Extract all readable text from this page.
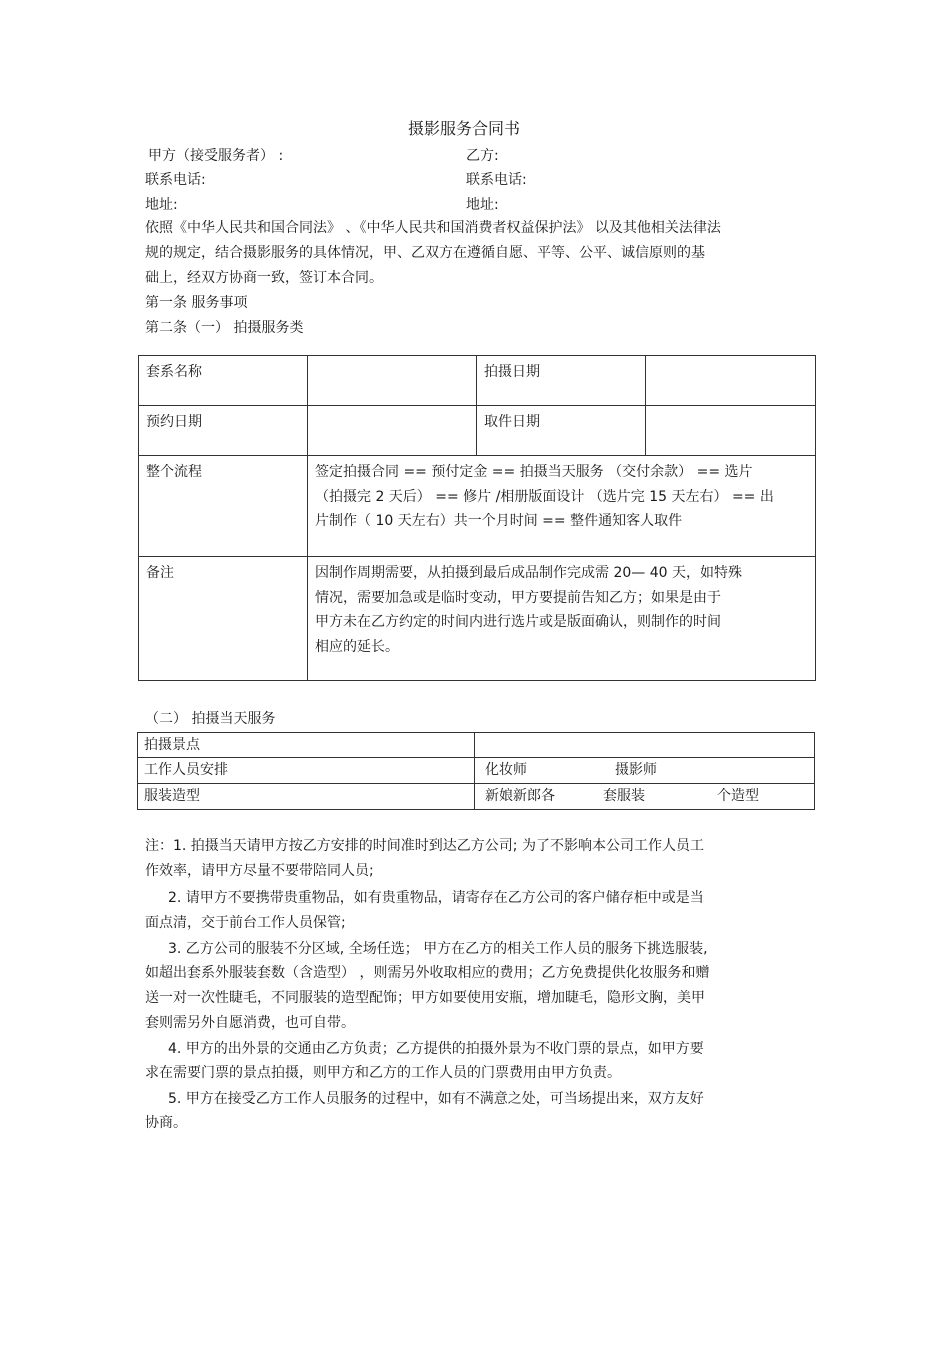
摄影服务合同书
甲方（接受服务者） :	乙方:
联系电话:	联系电话:
地址:	地址:
依照《中华人民共和国合同法》 、《中华人民共和国消费者权益保护法》 以及其他相关法律法
规的规定，结合摄影服务的具体情况，甲、乙双方在遵循自愿、平等、公平、诚信原则的基
础上，经双方协商一致，签订本合同。
第一条 服务事项
第二条（一） 拍摄服务类
套系名称		拍摄日期	

预约日期		取件日期	

整个流程	签定拍摄合同 == 预付定金 == 拍摄当天服务 （交付余款） == 选片
（拍摄完 2 天后） == 修片 /相册版面设计 （选片完 15 天左右） == 出
片制作（ 10 天左右）共一个月时间 == 整件通知客人取件		

备注	因制作周期需要，从拍摄到最后成品制作完成需 20— 40 天，如特殊
情况，需要加急或是临时变动，甲方要提前告知乙方；如果是由于
甲方未在乙方约定的时间内进行选片或是版面确认，则制作的时间
相应的延长。		
（二） 拍摄当天服务
拍摄景点	

工作人员安排	化妆师 摄影师

服装造型	新娘新郎各 套服装 个造型
注：1. 拍摄当天请甲方按乙方安排的时间准时到达乙方公司; 为了不影响本公司工作人员工
作效率，请甲方尽量不要带陪同人员;
2. 请甲方不要携带贵重物品，如有贵重物品，请寄存在乙方公司的客户储存柜中或是当
面点清，交于前台工作人员保管;
3. 乙方公司的服装不分区域, 全场任选； 甲方在乙方的相关工作人员的服务下挑选服装,
如超出套系外服装套数（含造型） ，则需另外收取相应的费用；乙方免费提供化妆服务和赠
送一对一次性睫毛，不同服装的造型配饰；甲方如要使用安瓶，增加睫毛，隐形文胸，美甲
套则需另外自愿消费，也可自带。
4. 甲方的出外景的交通由乙方负责；乙方提供的拍摄外景为不收门票的景点，如甲方要
求在需要门票的景点拍摄，则甲方和乙方的工作人员的门票费用由甲方负责。
5. 甲方在接受乙方工作人员服务的过程中，如有不满意之处，可当场提出来，双方友好
协商。
